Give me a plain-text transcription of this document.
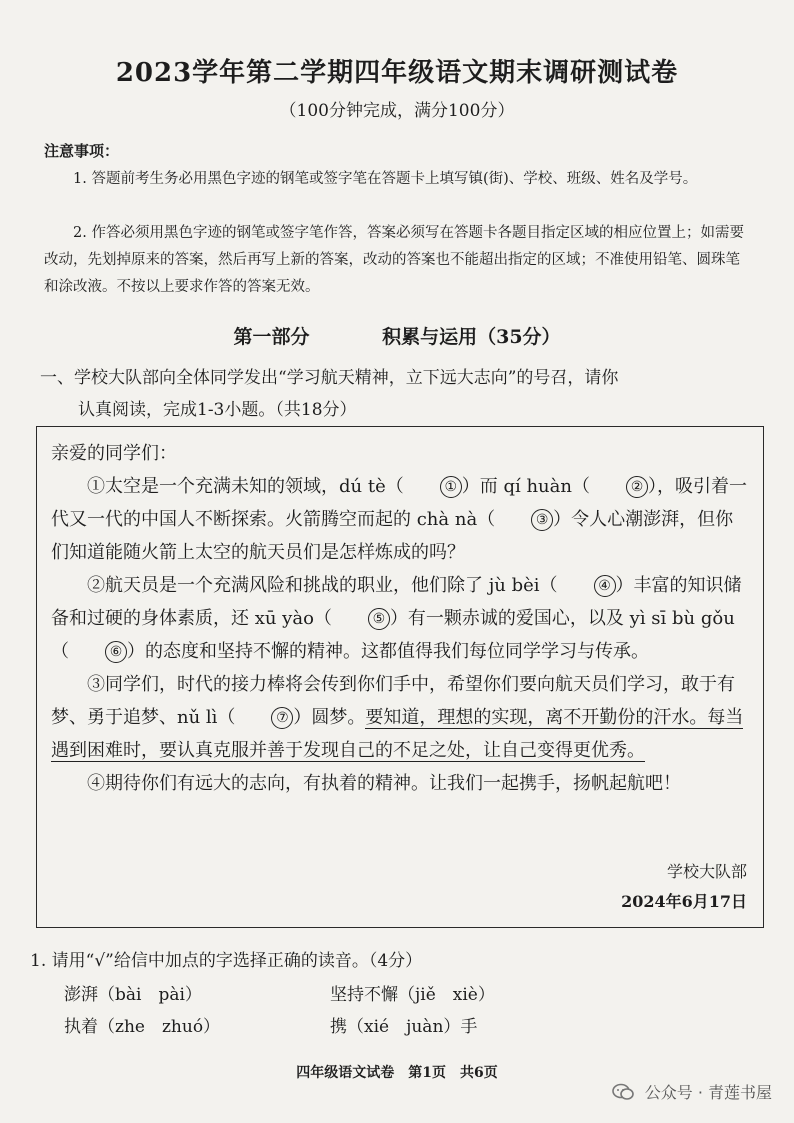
2023学年第二学期四年级语文期末调研测试卷
（100分钟完成，满分100分）
注意事项：
1. 答题前考生务必用黑色字迹的钢笔或签字笔在答题卡上填写镇(街)、学校、班级、姓名及学号。
2. 作答必须用黑色字迹的钢笔或签字笔作答，答案必须写在答题卡各题目指定区域的相应位置上；如需要改动，先划掉原来的答案，然后再写上新的答案，改动的答案也不能超出指定的区域；不准使用铅笔、圆珠笔和涂改液。不按以上要求作答的答案无效。
第一部分	积累与运用（35分）
一、学校大队部向全体同学发出“学习航天精神，立下远大志向”的号召，请你
认真阅读，完成1-3小题。（共18分）

亲爱的同学们：

①太空是一个充满未知的领域，dú tè（	① ）而 qí huàn（	② ），吸引着一代又一代的中国人不断探索。火箭腾空而起的 chà nà（	③ ）令人心潮澎湃，但你们知道能随火箭上太空的航天员们是怎样炼成的吗？

②航天员是一个充满风险和挑战的职业，他们除了 jù bèi（	④ ）丰富的知识储备和过硬的身体素质，还 xū yào（	⑤ ）有一颗赤诚的爱国心，以及 yì sī bù gǒu（	⑥ ）的态度和坚持不懈的精神。这都值得我们每位同学学习与传承。

③同学们，时代的接力棒将会传到你们手中，希望你们要向航天员们学习，敢于有梦、勇于追梦、nǔ lì（	⑦ ）圆梦。要知道，理想的实现，离不开勤份的汗水。每当遇到困难时，要认真克服并善于发现自己的不足之处，让自己变得更优秀。

④期待你们有远大的志向，有执着的精神。让我们一起携手，扬帆起航吧！

学校大队部
2024年6月17日
1. 请用“√”给信中加点的字选择正确的读音。（4分）
澎湃（bài　pài）	坚持不懈（jiě　xiè）
执着（zhe　zhuó）	携（xié　juàn）手
四年级语文试卷　第1页　共6页
公众号 · 青莲书屋
